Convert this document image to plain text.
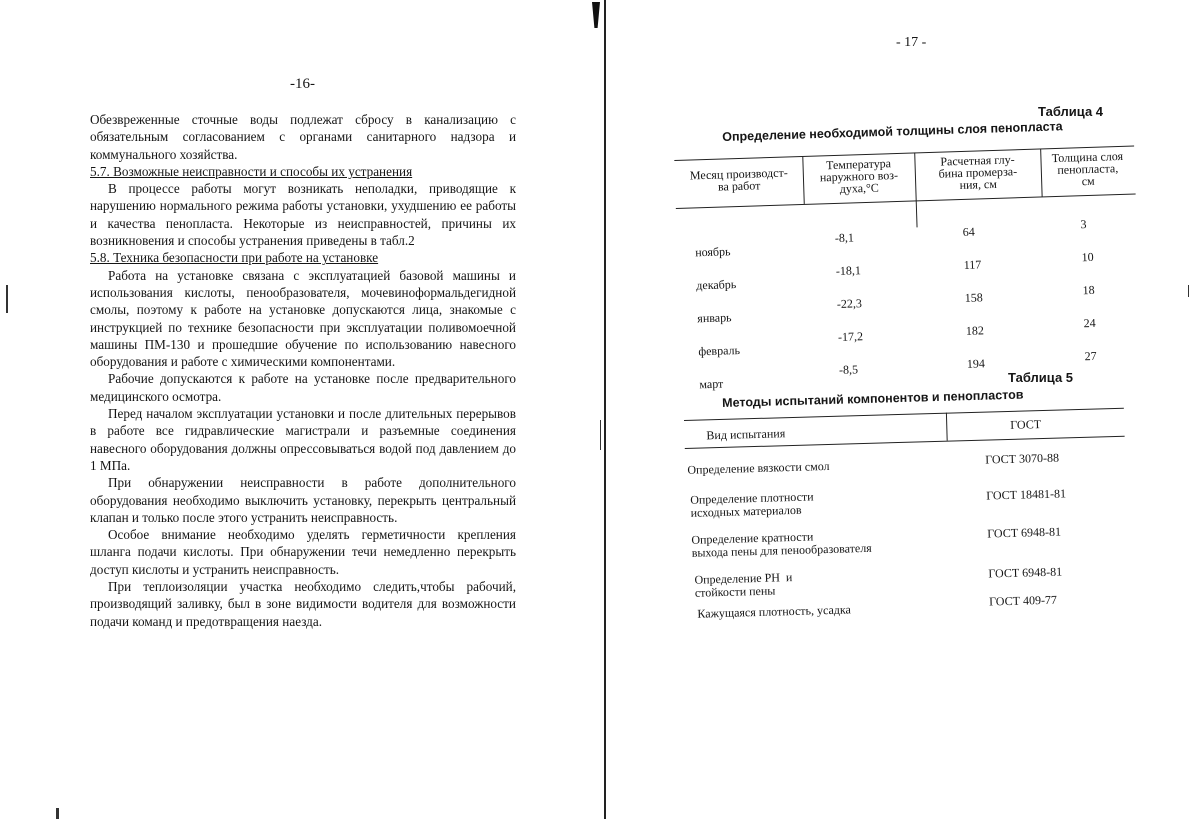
-16-

Обезвреженные сточные воды подлежат сбросу в канализацию с обязательным согласованием с органами санитарного надзора и коммунального хозяйства.

5.7. Возможные неисправности и способы их устранения

В процессе работы могут возникать неполадки, приводящие к нарушению нормального режима работы установки, ухудшению ее работы и качества пенопласта. Некоторые из неисправностей, причины их возникновения и способы устранения приведены в табл.2

5.8. Техника безопасности при работе на установке

Работа на установке связана с эксплуатацией базовой машины и использования кислоты, пенообразователя, мочевиноформальдегидной смолы, поэтому к работе на установке допускаются лица, знакомые с инструкцией по технике безопасности при эксплуатации поливомоечной машины ПМ-130 и прошедшие обучение по использованию навесного оборудования и работе с химическими компонентами.

Рабочие допускаются к работе на установке после предварительного медицинского осмотра.

Перед началом эксплуатации установки и после длительных перерывов в работе все гидравлические магистрали и разъемные соединения навесного оборудования должны опрессовываться водой под давлением до 1 МПа.

При обнаружении неисправности в работе дополнительного оборудования необходимо выключить установку, перекрыть центральный клапан и только после этого устранить неисправность.

Особое внимание необходимо уделять герметичности крепления шланга подачи кислоты. При обнаружении течи немедленно перекрыть доступ кислоты и устранить неисправность.

При теплоизоляции участка необходимо следить,чтобы рабочий, производящий заливку, был в зоне видимости водителя для возможности подачи команд и предотвращения наезда.

- 17 -
Таблица 4
Определение необходимой толщины слоя пенопласта
Месяц производст-
ва работ
Температура
наружного воз-
духа,°С
Расчетная глу-
бина промерза-
ния, см
Толщина слоя
пенопласта,
см

ноябрь

декабрь

январь

февраль

март

-8,1

-18,1

-22,3

-17,2

-8,5

64

117

158

182

194

3

10

18

24

27

Таблица 5
Методы испытаний компонентов и пенопластов
Вид испытания
ГОСТ
Определение вязкости смол
ГОСТ 3070-88
Определение плотности
исходных материалов
ГОСТ 18481-81
Определение кратности
выхода пены для пенообразователя
ГОСТ 6948-81
Определение РН  и
стойкости пены
ГОСТ 6948-81
Кажущаяся плотность, усадка
ГОСТ 409-77
